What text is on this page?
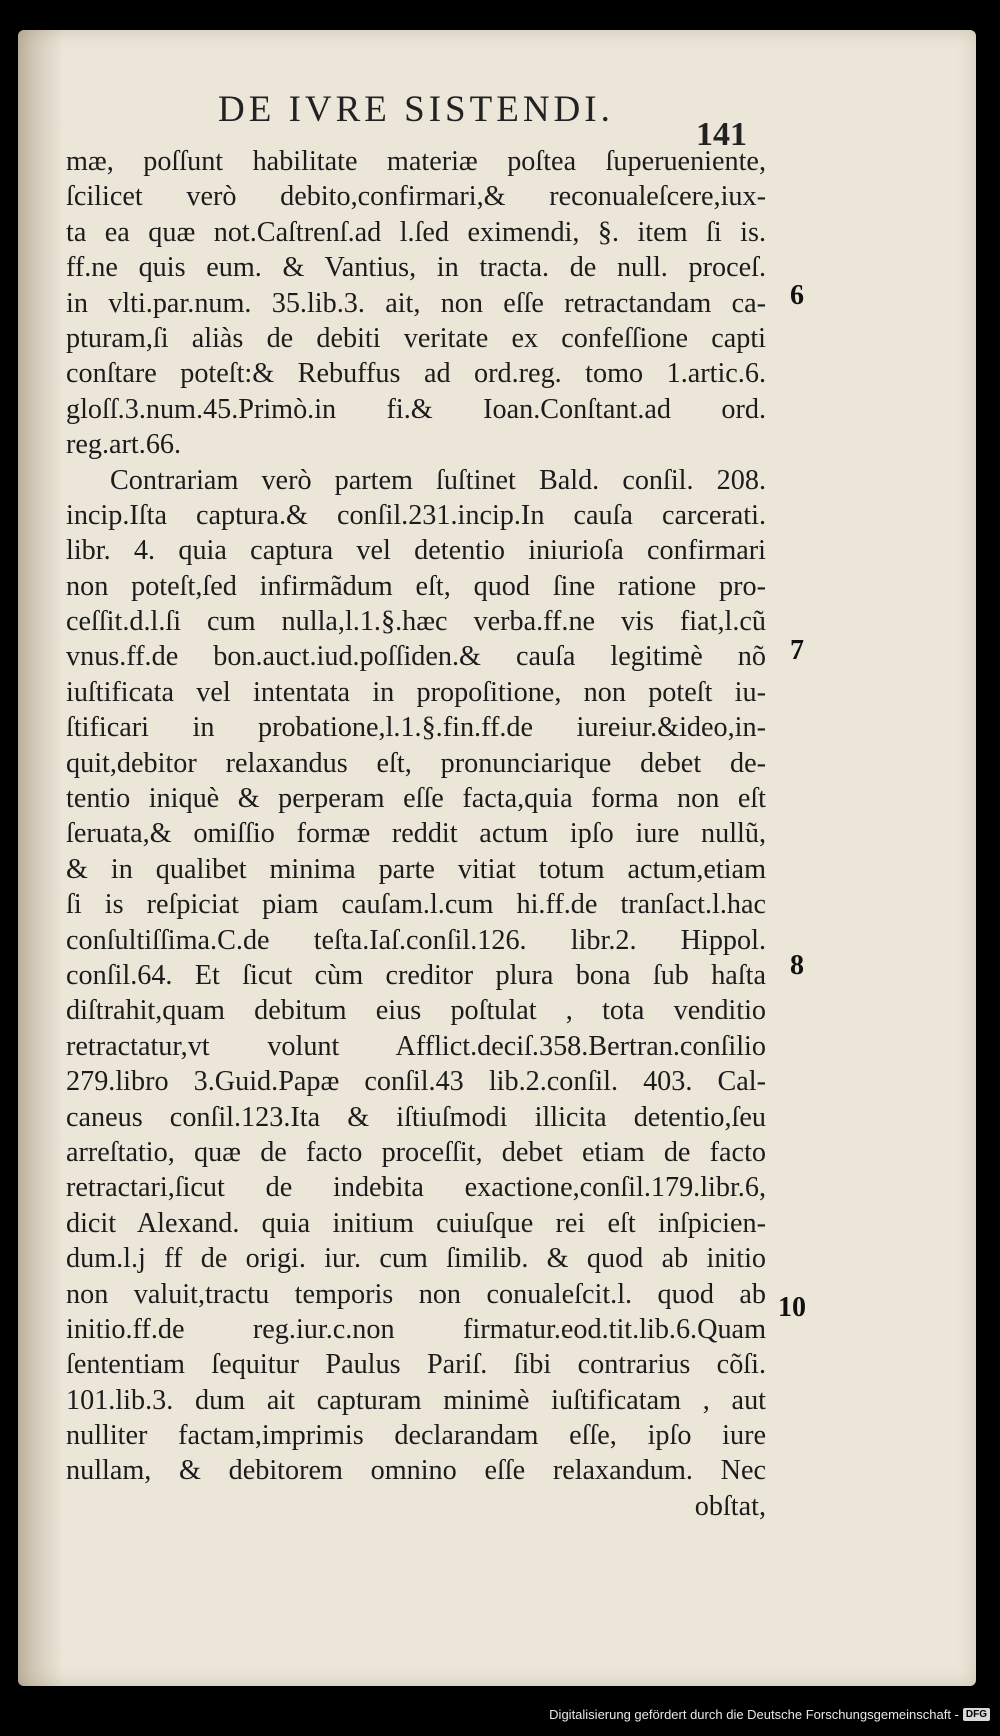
DE IVRE SISTENDI.
141
mæ, poſſunt habilitate materiæ poſtea ſuperueniente,
ſcilicet verò debito,confirmari,& reconualeſcere,iux-
ta ea quæ not.Caſtrenſ.ad l.ſed eximendi, §. item ſi is.
ff.ne quis eum. & Vantius, in tracta. de null. proceſ.
in vlti.par.num. 35.lib.3. ait, non eſſe retractandam ca-
pturam,ſi aliàs de debiti veritate ex confeſſione capti
conſtare poteſt:& Rebuffus ad ord.reg. tomo 1.artic.6.
gloſſ.3.num.45.Primò.in fi.& Ioan.Conſtant.ad ord.
reg.art.66.
Contrariam verò partem ſuſtinet Bald. conſil. 208.
incip.Iſta captura.& conſil.231.incip.In cauſa carcerati.
libr. 4. quia captura vel detentio iniurioſa confirmari
non poteſt,ſed infirmãdum eſt, quod ſine ratione pro-
ceſſit.d.l.ſi cum nulla,l.1.§.hæc verba.ff.ne vis fiat,l.cũ
vnus.ff.de bon.auct.iud.poſſiden.& cauſa legitimè nõ
iuſtificata vel intentata in propoſitione, non poteſt iu-
ſtificari in probatione,l.1.§.fin.ff.de iureiur.&ideo,in-
quit,debitor relaxandus eſt, pronunciarique debet de-
tentio iniquè & perperam eſſe facta,quia forma non eſt
ſeruata,& omiſſio formæ reddit actum ipſo iure nullũ,
& in qualibet minima parte vitiat totum actum,etiam
ſi is reſpiciat piam cauſam.l.cum hi.ff.de tranſact.l.hac
conſultiſſima.C.de teſta.Iaſ.conſil.126. libr.2. Hippol.
conſil.64. Et ſicut cùm creditor plura bona ſub haſta
diſtrahit,quam debitum eius poſtulat , tota venditio
retractatur,vt volunt Afflict.deciſ.358.Bertran.conſilio
279.libro 3.Guid.Papæ conſil.43 lib.2.conſil. 403. Cal-
caneus conſil.123.Ita & iſtiuſmodi illicita detentio,ſeu
arreſtatio, quæ de facto proceſſit, debet etiam de facto
retractari,ſicut de indebita exactione,conſil.179.libr.6,
dicit Alexand. quia initium cuiuſque rei eſt inſpicien-
dum.l.j ff de origi. iur. cum ſimilib. & quod ab initio
non valuit,tractu temporis non conualeſcit.l. quod ab
initio.ff.de reg.iur.c.non firmatur.eod.tit.lib.6.Quam
ſententiam ſequitur Paulus Pariſ. ſibi contrarius cõſi.
101.lib.3. dum ait capturam minimè iuſtificatam , aut
nulliter factam,imprimis declarandam eſſe, ipſo iure
nullam, & debitorem omnino eſſe relaxandum. Nec
obſtat,
6
7
8
10
Digitalisierung gefördert durch die Deutsche Forschungsgemeinschaft - DFG
